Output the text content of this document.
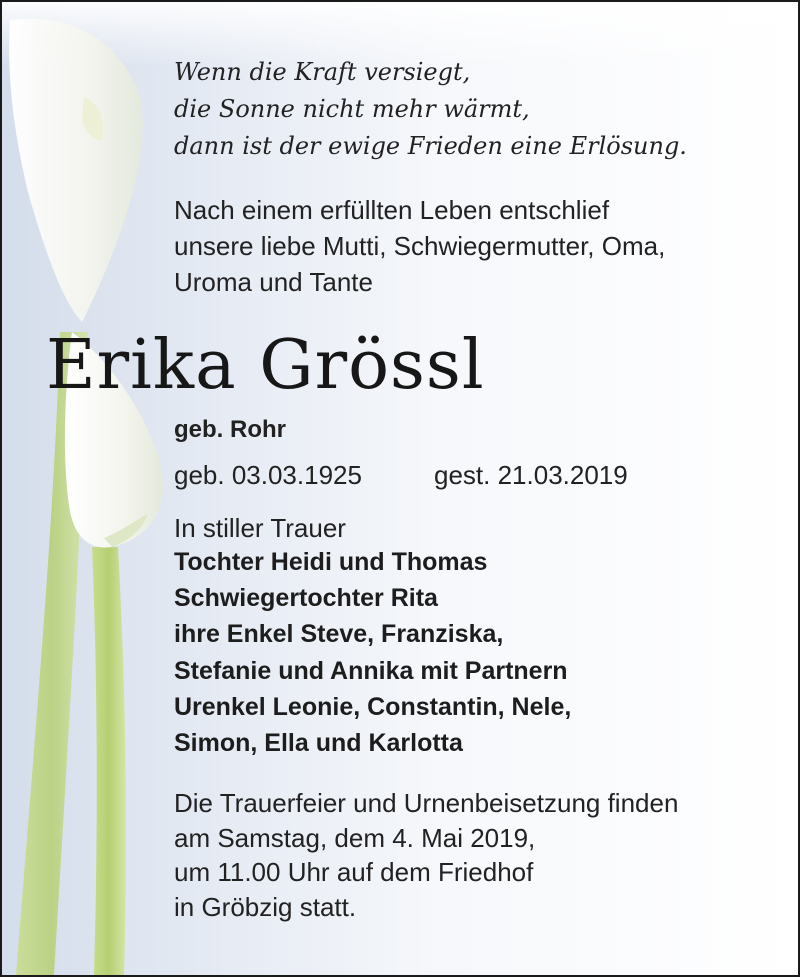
Wenn die Kraft versiegt,
die Sonne nicht mehr wärmt,
dann ist der ewige Frieden eine Erlösung.
Nach einem erfüllten Leben entschlief
unsere liebe Mutti, Schwiegermutter, Oma,
Uroma und Tante
Erika Grössl
geb. Rohr
geb. 03.03.1925	gest. 21.03.2019
In stiller Trauer
Tochter Heidi und Thomas
Schwiegertochter Rita
ihre Enkel Steve, Franziska,
Stefanie und Annika mit Partnern
Urenkel Leonie, Constantin, Nele,
Simon, Ella und Karlotta
Die Trauerfeier und Urnenbeisetzung finden
am Samstag, dem 4. Mai 2019,
um 11.00 Uhr auf dem Friedhof
in Gröbzig statt.
